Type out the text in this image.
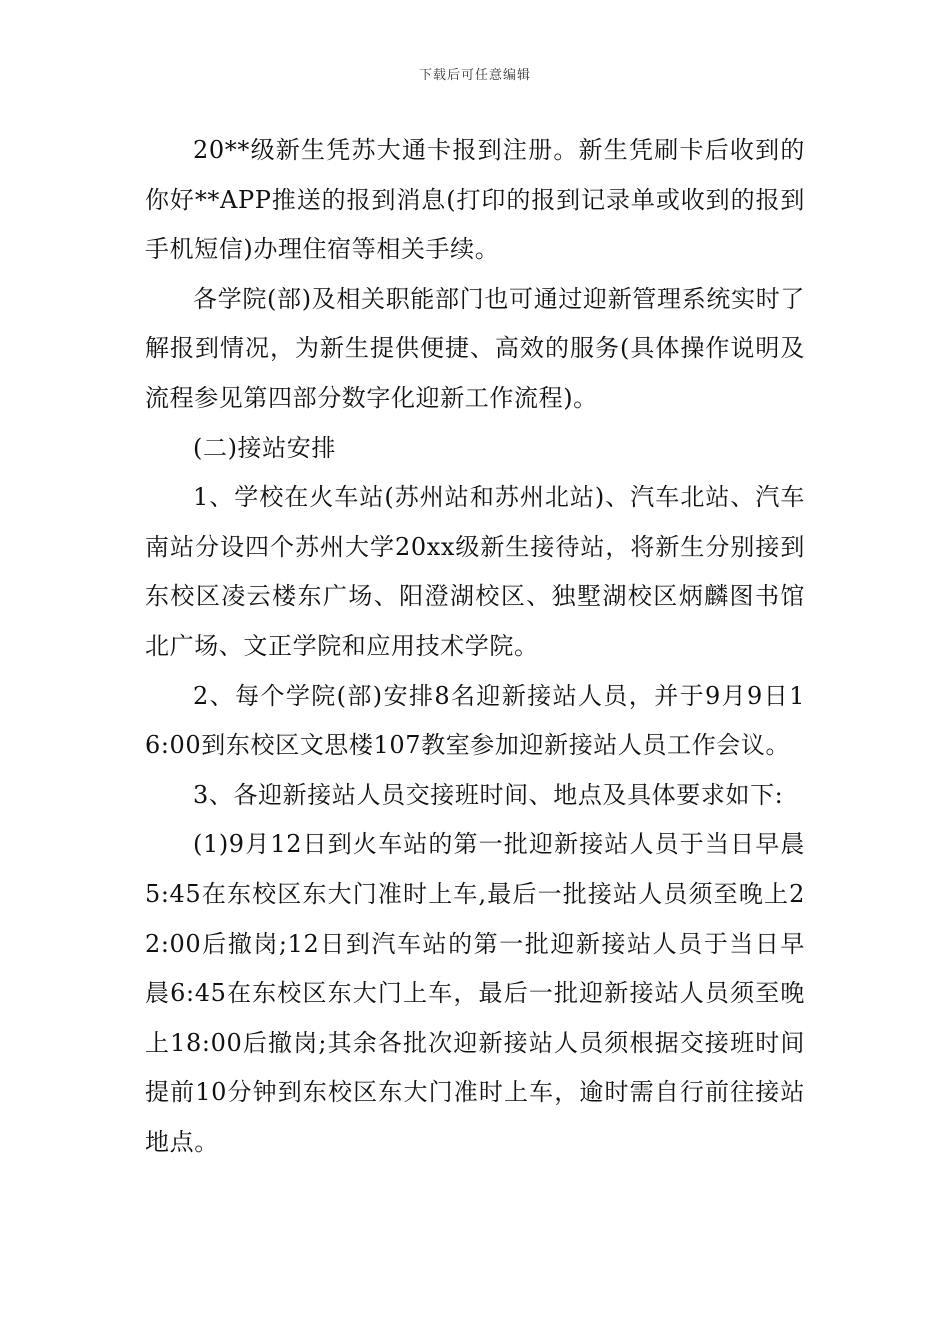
下载后可任意编辑

20**级新生凭苏大通卡报到注册。新生凭刷卡后收到的你好**APP推送的报到消息(打印的报到记录单或收到的报到手机短信)办理住宿等相关手续。

各学院(部)及相关职能部门也可通过迎新管理系统实时了解报到情况，为新生提供便捷、高效的服务(具体操作说明及流程参见第四部分数字化迎新工作流程)。

(二)接站安排

1、学校在火车站(苏州站和苏州北站)、汽车北站、汽车南站分设四个苏州大学20xx级新生接待站，将新生分别接到东校区凌云楼东广场、阳澄湖校区、独墅湖校区炳麟图书馆北广场、文正学院和应用技术学院。

2、每个学院(部)安排8名迎新接站人员，并于9月9日16:00到东校区文思楼107教室参加迎新接站人员工作会议。

3、各迎新接站人员交接班时间、地点及具体要求如下:

(1)9月12日到火车站的第一批迎新接站人员于当日早晨5:45在东校区东大门准时上车,最后一批接站人员须至晚上22:00后撤岗;12日到汽车站的第一批迎新接站人员于当日早晨6:45在东校区东大门上车，最后一批迎新接站人员须至晚上18:00后撤岗;其余各批次迎新接站人员须根据交接班时间提前10分钟到东校区东大门准时上车，逾时需自行前往接站地点。
